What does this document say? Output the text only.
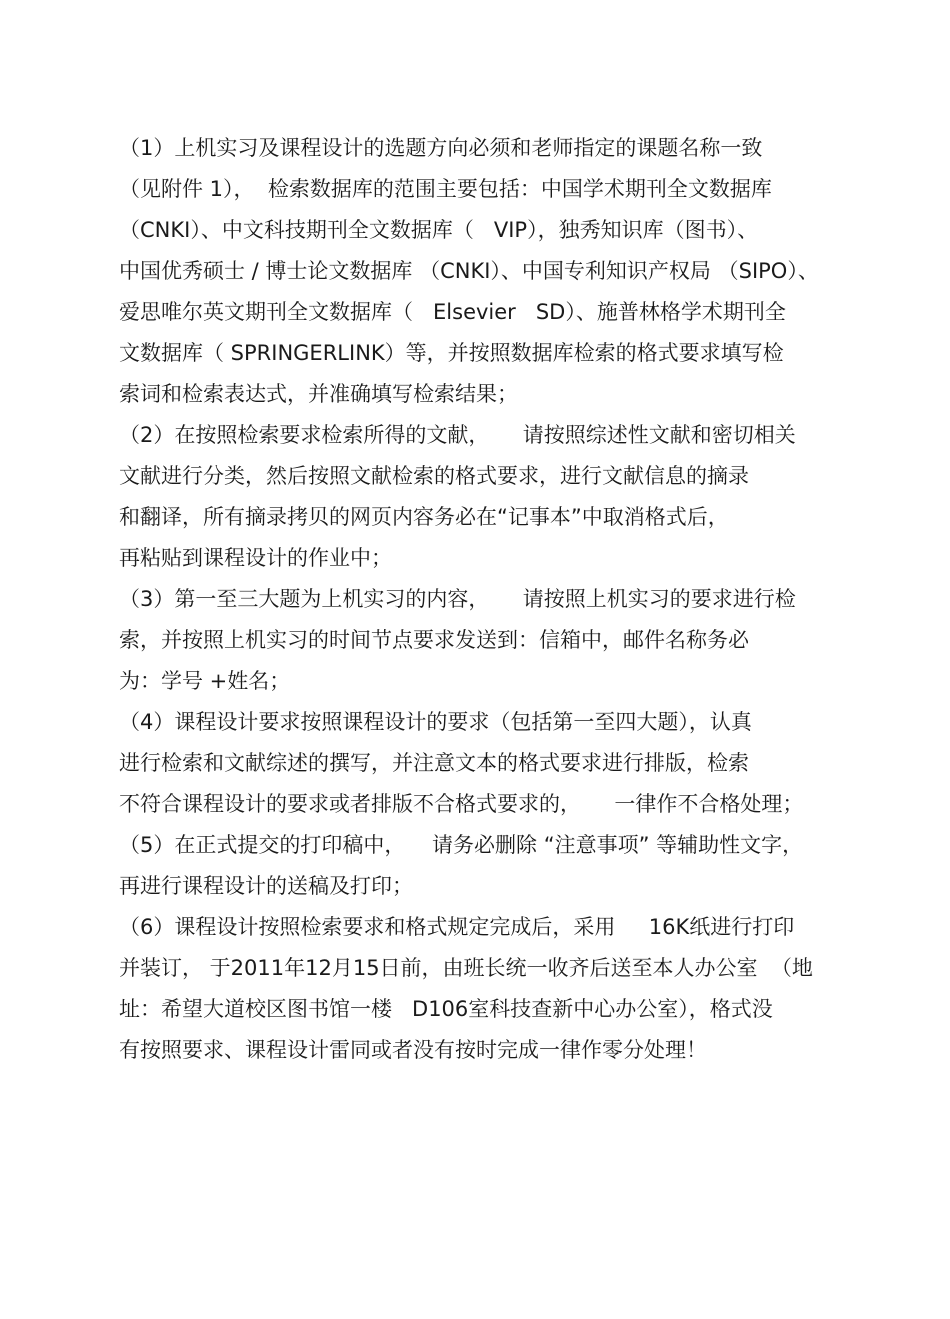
（1）上机实习及课程设计的选题方向必须和老师指定的课题名称一致
（见附件 1），  检索数据库的范围主要包括：中国学术期刊全文数据库
（CNKI）、中文科技期刊全文数据库（   VIP），独秀知识库（图书）、
中国优秀硕士 / 博士论文数据库 （CNKI）、中国专利知识产权局 （SIPO）、
爱思唯尔英文期刊全文数据库（   Elsevier   SD）、施普林格学术期刊全
文数据库（ SPRINGERLINK）等，并按照数据库检索的格式要求填写检
索词和检索表达式，并准确填写检索结果；
（2）在按照检索要求检索所得的文献，     请按照综述性文献和密切相关
文献进行分类，然后按照文献检索的格式要求，进行文献信息的摘录
和翻译，所有摘录拷贝的网页内容务必在“记事本”中取消格式后，
再粘贴到课程设计的作业中；
（3）第一至三大题为上机实习的内容，     请按照上机实习的要求进行检
索，并按照上机实习的时间节点要求发送到：信箱中，邮件名称务必
为：学号 +姓名；
（4）课程设计要求按照课程设计的要求（包括第一至四大题），认真
进行检索和文献综述的撰写，并注意文本的格式要求进行排版，检索
不符合课程设计的要求或者排版不合格式要求的，     一律作不合格处理；
（5）在正式提交的打印稿中，    请务必删除 “注意事项” 等辅助性文字，
再进行课程设计的送稿及打印；
（6）课程设计按照检索要求和格式规定完成后，采用     16K纸进行打印
并装订， 于2011年12月15日前，由班长统一收齐后送至本人办公室  （地
址：希望大道校区图书馆一楼   D106室科技查新中心办公室），格式没
有按照要求、课程设计雷同或者没有按时完成一律作零分处理！
